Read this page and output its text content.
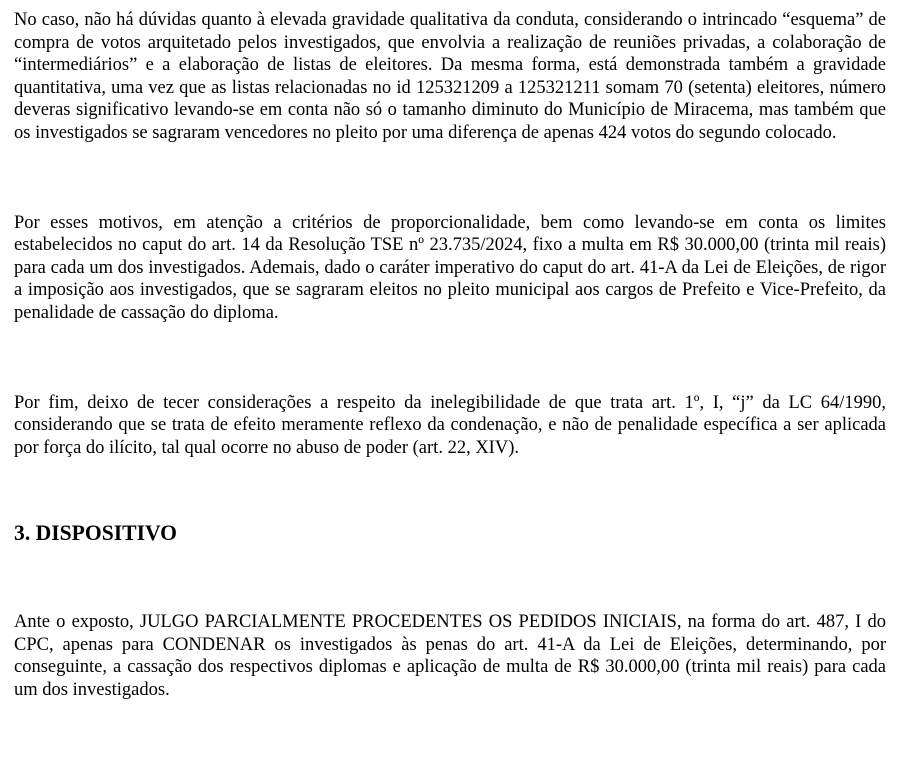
No caso, não há dúvidas quanto à elevada gravidade qualitativa da conduta, considerando o intrincado “esquema” de compra de votos arquitetado pelos investigados, que envolvia a realização de reuniões privadas, a colaboração de “intermediários” e a elaboração de listas de eleitores. Da mesma forma, está demonstrada também a gravidade quantitativa, uma vez que as listas relacionadas no id 125321209 a 125321211 somam 70 (setenta) eleitores, número deveras significativo levando-se em conta não só o tamanho diminuto do Município de Miracema, mas também que os investigados se sagraram vencedores no pleito por uma diferença de apenas 424 votos do segundo colocado.

Por esses motivos, em atenção a critérios de proporcionalidade, bem como levando-se em conta os limites estabelecidos no caput do art. 14 da Resolução TSE nº 23.735/2024, fixo a multa em R$ 30.000,00 (trinta mil reais) para cada um dos investigados. Ademais, dado o caráter imperativo do caput do art. 41-A da Lei de Eleições, de rigor a imposição aos investigados, que se sagraram eleitos no pleito municipal aos cargos de Prefeito e Vice-Prefeito, da penalidade de cassação do diploma.

Por fim, deixo de tecer considerações a respeito da inelegibilidade de que trata art. 1º, I, “j” da LC 64/1990, considerando que se trata de efeito meramente reflexo da condenação, e não de penalidade específica a ser aplicada por força do ilícito, tal qual ocorre no abuso de poder (art. 22, XIV).

3. DISPOSITIVO

Ante o exposto, JULGO PARCIALMENTE PROCEDENTES OS PEDIDOS INICIAIS, na forma do art. 487, I do CPC, apenas para CONDENAR os investigados às penas do art. 41-A da Lei de Eleições, determinando, por conseguinte, a cassação dos respectivos diplomas e aplicação de multa de R$ 30.000,00 (trinta mil reais) para cada um dos investigados.
